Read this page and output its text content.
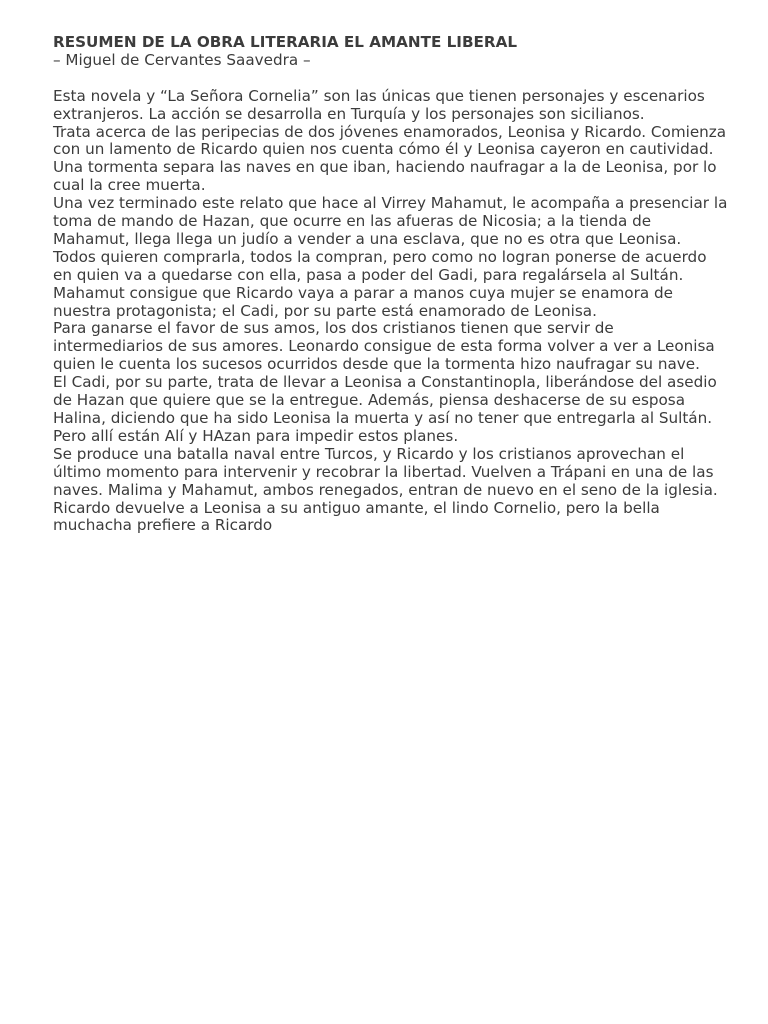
RESUMEN DE LA OBRA LITERARIA EL AMANTE LIBERAL
– Miguel de Cervantes Saavedra –

Esta novela y “La Señora Cornelia” son las únicas que tienen personajes y escenarios extranjeros. La acción se desarrolla en Turquía y los personajes son sicilianos.

Trata acerca de las peripecias de dos jóvenes enamorados, Leonisa y Ricardo. Comienza con un lamento de Ricardo quien nos cuenta cómo él y Leonisa cayeron en cautividad. Una tormenta separa las naves en que iban, haciendo naufragar a la de Leonisa, por lo cual la cree muerta.

Una vez terminado este relato que hace al Virrey Mahamut, le acompaña a presenciar la toma de mando de Hazan, que ocurre en las afueras de Nicosia; a la tienda de Mahamut, llega llega un judío a vender a una esclava, que no es otra que Leonisa.

Todos quieren comprarla, todos la compran, pero como no logran ponerse de acuerdo en quien va a quedarse con ella, pasa a poder del Gadi, para regalársela al Sultán. Mahamut consigue que Ricardo vaya a parar a manos cuya mujer se enamora de nuestra protagonista; el Cadi, por su parte está enamorado de Leonisa.

Para ganarse el favor de sus amos, los dos cristianos tienen que servir de intermediarios de sus amores. Leonardo consigue de esta forma volver a ver a Leonisa quien le cuenta los sucesos ocurridos desde que la tormenta hizo naufragar su nave.

El Cadi, por su parte, trata de llevar a Leonisa a Constantinopla, liberándose del asedio de Hazan que quiere que se la entregue. Además, piensa deshacerse de su esposa Halina, diciendo que ha sido Leonisa la muerta y así no tener que entregarla al Sultán. Pero allí están Alí y HAzan para impedir estos planes.

Se produce una batalla naval entre Turcos, y Ricardo y los cristianos aprovechan el último momento para intervenir y recobrar la libertad. Vuelven a Trápani en una de las naves. Malima y Mahamut, ambos renegados, entran de nuevo en el seno de la iglesia.

Ricardo devuelve a Leonisa a su antiguo amante, el lindo Cornelio, pero la bella muchacha prefiere a Ricardo
